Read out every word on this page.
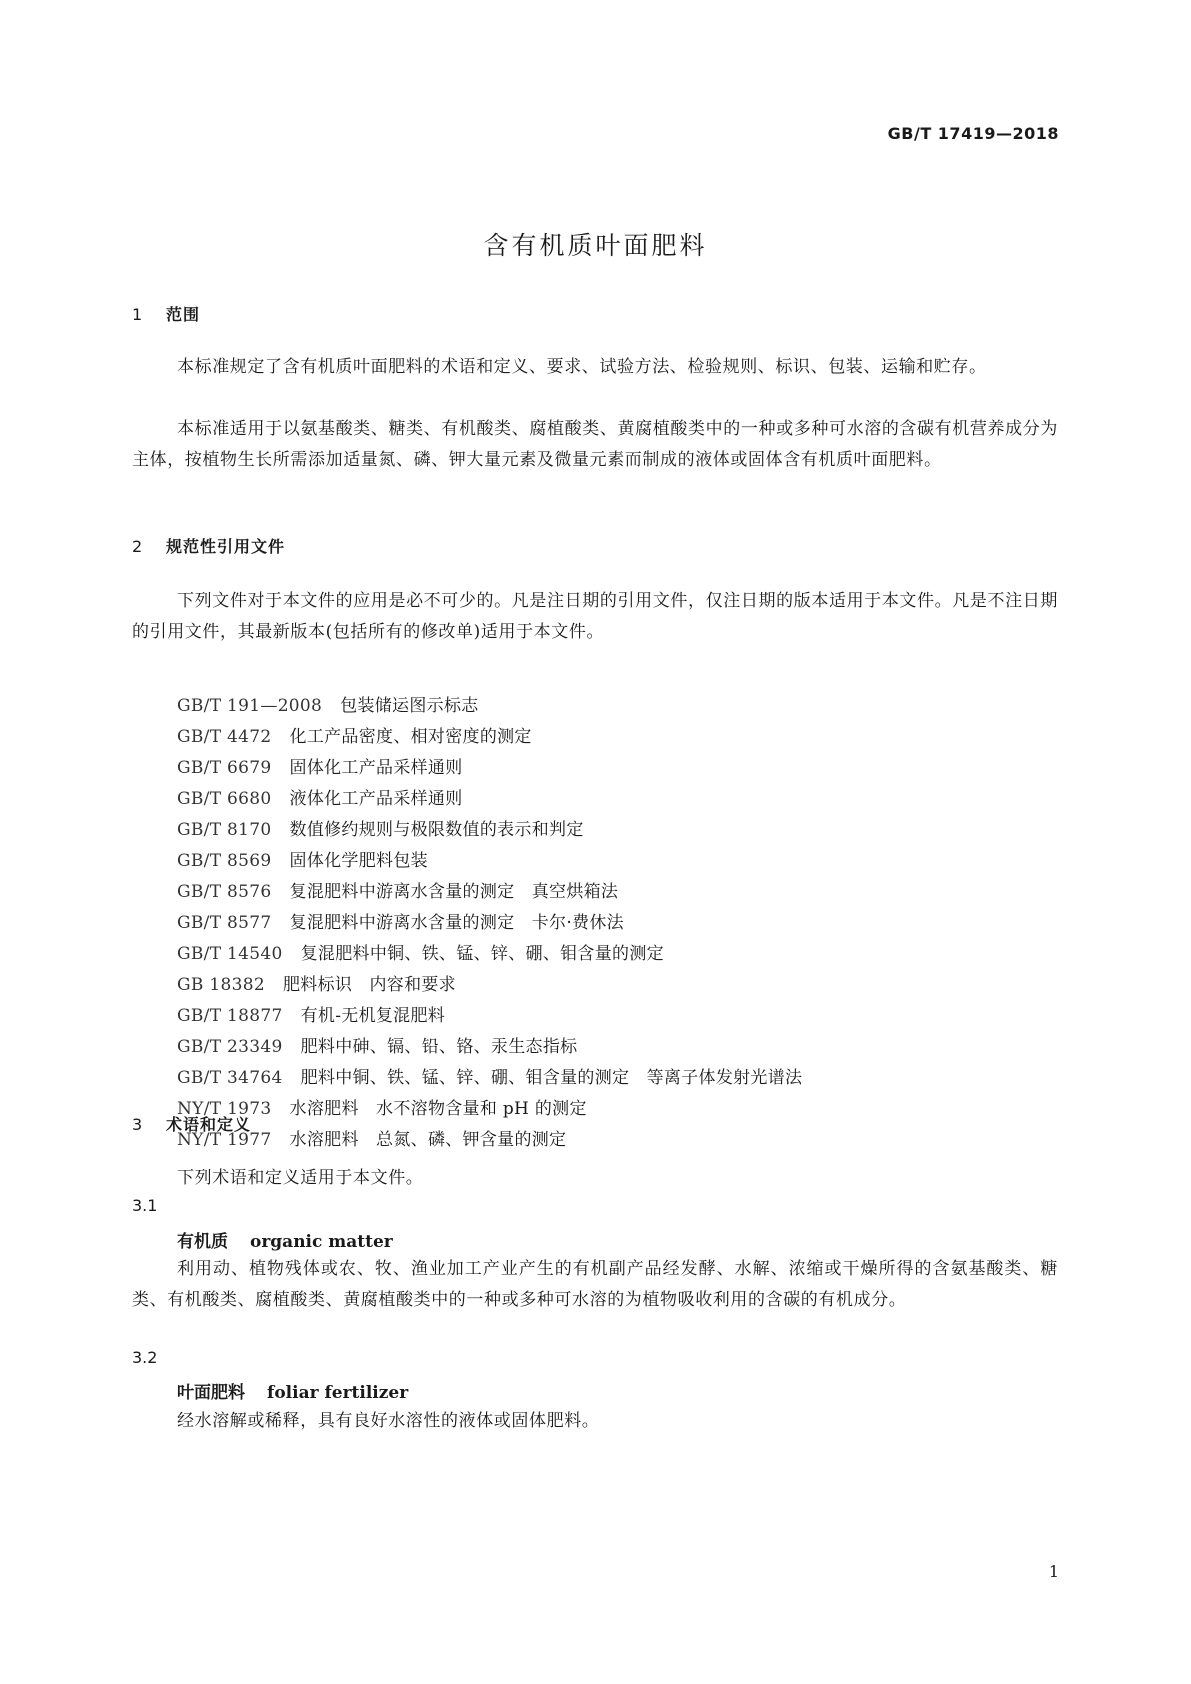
GB/T 17419—2018
含有机质叶面肥料
1 范围
本标准规定了含有机质叶面肥料的术语和定义、要求、试验方法、检验规则、标识、包装、运输和贮存。
本标准适用于以氨基酸类、糖类、有机酸类、腐植酸类、黄腐植酸类中的一种或多种可水溶的含碳有机营养成分为主体，按植物生长所需添加适量氮、磷、钾大量元素及微量元素而制成的液体或固体含有机质叶面肥料。
2 规范性引用文件
下列文件对于本文件的应用是必不可少的。凡是注日期的引用文件，仅注日期的版本适用于本文件。凡是不注日期的引用文件，其最新版本(包括所有的修改单)适用于本文件。
GB/T 191—2008 包装储运图示标志
GB/T 4472 化工产品密度、相对密度的测定
GB/T 6679 固体化工产品采样通则
GB/T 6680 液体化工产品采样通则
GB/T 8170 数值修约规则与极限数值的表示和判定
GB/T 8569 固体化学肥料包装
GB/T 8576 复混肥料中游离水含量的测定　真空烘箱法
GB/T 8577 复混肥料中游离水含量的测定　卡尔·费休法
GB/T 14540 复混肥料中铜、铁、锰、锌、硼、钼含量的测定
GB 18382 肥料标识　内容和要求
GB/T 18877 有机-无机复混肥料
GB/T 23349 肥料中砷、镉、铅、铬、汞生态指标
GB/T 34764 肥料中铜、铁、锰、锌、硼、钼含量的测定　等离子体发射光谱法
NY/T 1973 水溶肥料　水不溶物含量和 pH 的测定
NY/T 1977 水溶肥料　总氮、磷、钾含量的测定
3 术语和定义
下列术语和定义适用于本文件。
3.1
有机质 organic matter
利用动、植物残体或农、牧、渔业加工产业产生的有机副产品经发酵、水解、浓缩或干燥所得的含氨基酸类、糖类、有机酸类、腐植酸类、黄腐植酸类中的一种或多种可水溶的为植物吸收利用的含碳的有机成分。
3.2
叶面肥料 foliar fertilizer
经水溶解或稀释，具有良好水溶性的液体或固体肥料。
1
